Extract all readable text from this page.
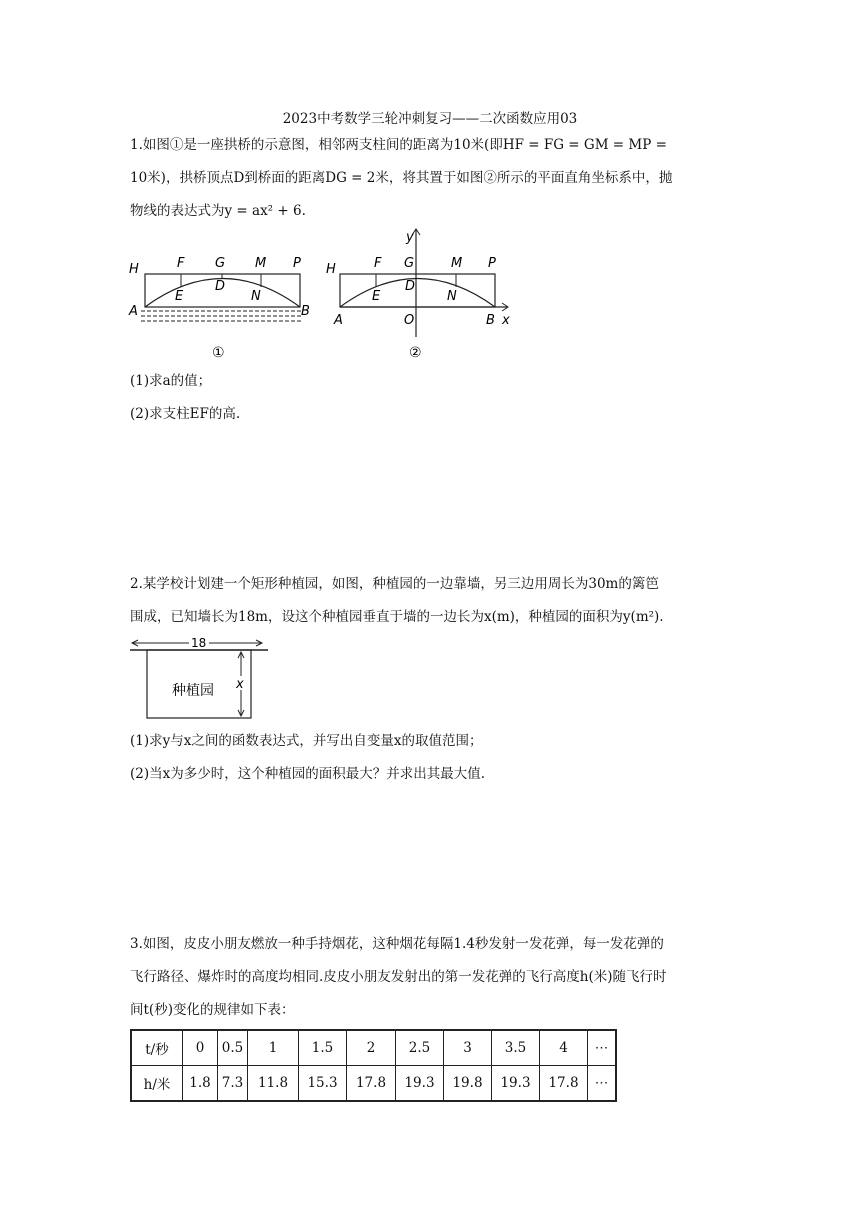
2023中考数学三轮冲刺复习——二次函数应用03
1.如图①是一座拱桥的示意图，相邻两支柱间的距离为10米(即HF = FG = GM = MP =
10米)，拱桥顶点D到桥面的距离DG = 2米，将其置于如图②所示的平面直角坐标系中，抛
物线的表达式为y = ax² + 6.
H	F G M P
E
D
N
A	B
①
y
H	F G	M P
E
D
N
A	O	B x
②
(1)求a的值；
(2)求支柱EF的高.
2.某学校计划建一个矩形种植园，如图，种植园的一边靠墙，另三边用周长为30m的篱笆
围成，已知墙长为18m，设这个种植园垂直于墙的一边长为x(m)，种植园的面积为y(m²).
18
x
种植园
(1)求y与x之间的函数表达式，并写出自变量x的取值范围；
(2)当x为多少时，这个种植园的面积最大？并求出其最大值.
3.如图，皮皮小朋友燃放一种手持烟花，这种烟花每隔1.4秒发射一发花弹，每一发花弹的
飞行路径、爆炸时的高度均相同.皮皮小朋友发射出的第一发花弹的飞行高度h(米)随飞行时
间t(秒)变化的规律如下表：
t/秒	0	0.5	1	1.5	2	2.5	3	3.5	4	⋯
h/米	1.8	7.3	11.8	15.3	17.8	19.3	19.8	19.3	17.8	⋯
